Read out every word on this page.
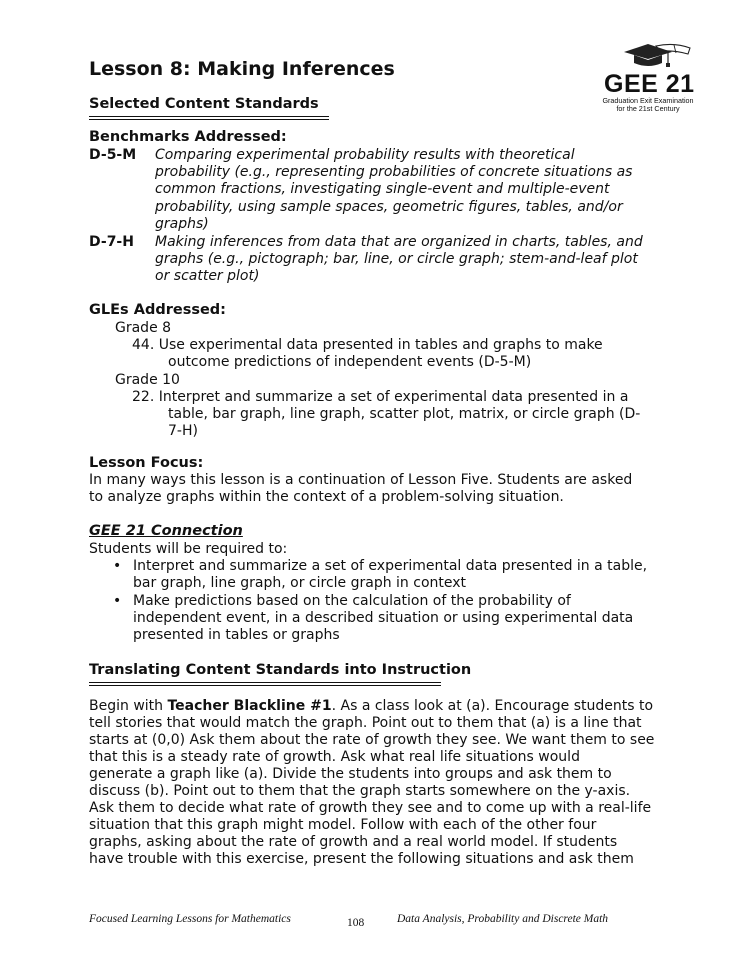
Lesson 8: Making Inferences
GEE 21
Graduation Exit Examination
for the 21st Century
Selected Content Standards
Benchmarks Addressed:
D-5-M Comparing experimental probability results with theoretical
probability (e.g., representing probabilities of concrete situations as
common fractions, investigating single-event and multiple-event
probability, using sample spaces, geometric figures, tables, and/or
graphs)
D-7-H Making inferences from data that are organized in charts, tables, and
graphs (e.g., pictograph; bar, line, or circle graph; stem-and-leaf plot
or scatter plot)
GLEs Addressed:
Grade 8
44. Use experimental data presented in tables and graphs to make
outcome predictions of independent events (D-5-M)
Grade 10
22. Interpret and summarize a set of experimental data presented in a
table, bar graph, line graph, scatter plot, matrix, or circle graph (D-
7-H)
Lesson Focus:
In many ways this lesson is a continuation of Lesson Five. Students are asked
to analyze graphs within the context of a problem-solving situation.
GEE 21 Connection
Students will be required to:
• Interpret and summarize a set of experimental data presented in a table,
bar graph, line graph, or circle graph in context
• Make predictions based on the calculation of the probability of
independent event, in a described situation or using experimental data
presented in tables or graphs
Translating Content Standards into Instruction
Begin with Teacher Blackline #1. As a class look at (a). Encourage students to
tell stories that would match the graph. Point out to them that (a) is a line that
starts at (0,0) Ask them about the rate of growth they see. We want them to see
that this is a steady rate of growth. Ask what real life situations would
generate a graph like (a). Divide the students into groups and ask them to
discuss (b). Point out to them that the graph starts somewhere on the y-axis.
Ask them to decide what rate of growth they see and to come up with a real-life
situation that this graph might model. Follow with each of the other four
graphs, asking about the rate of growth and a real world model. If students
have trouble with this exercise, present the following situations and ask them
Focused Learning Lessons for Mathematics	108	Data Analysis, Probability and Discrete Math
